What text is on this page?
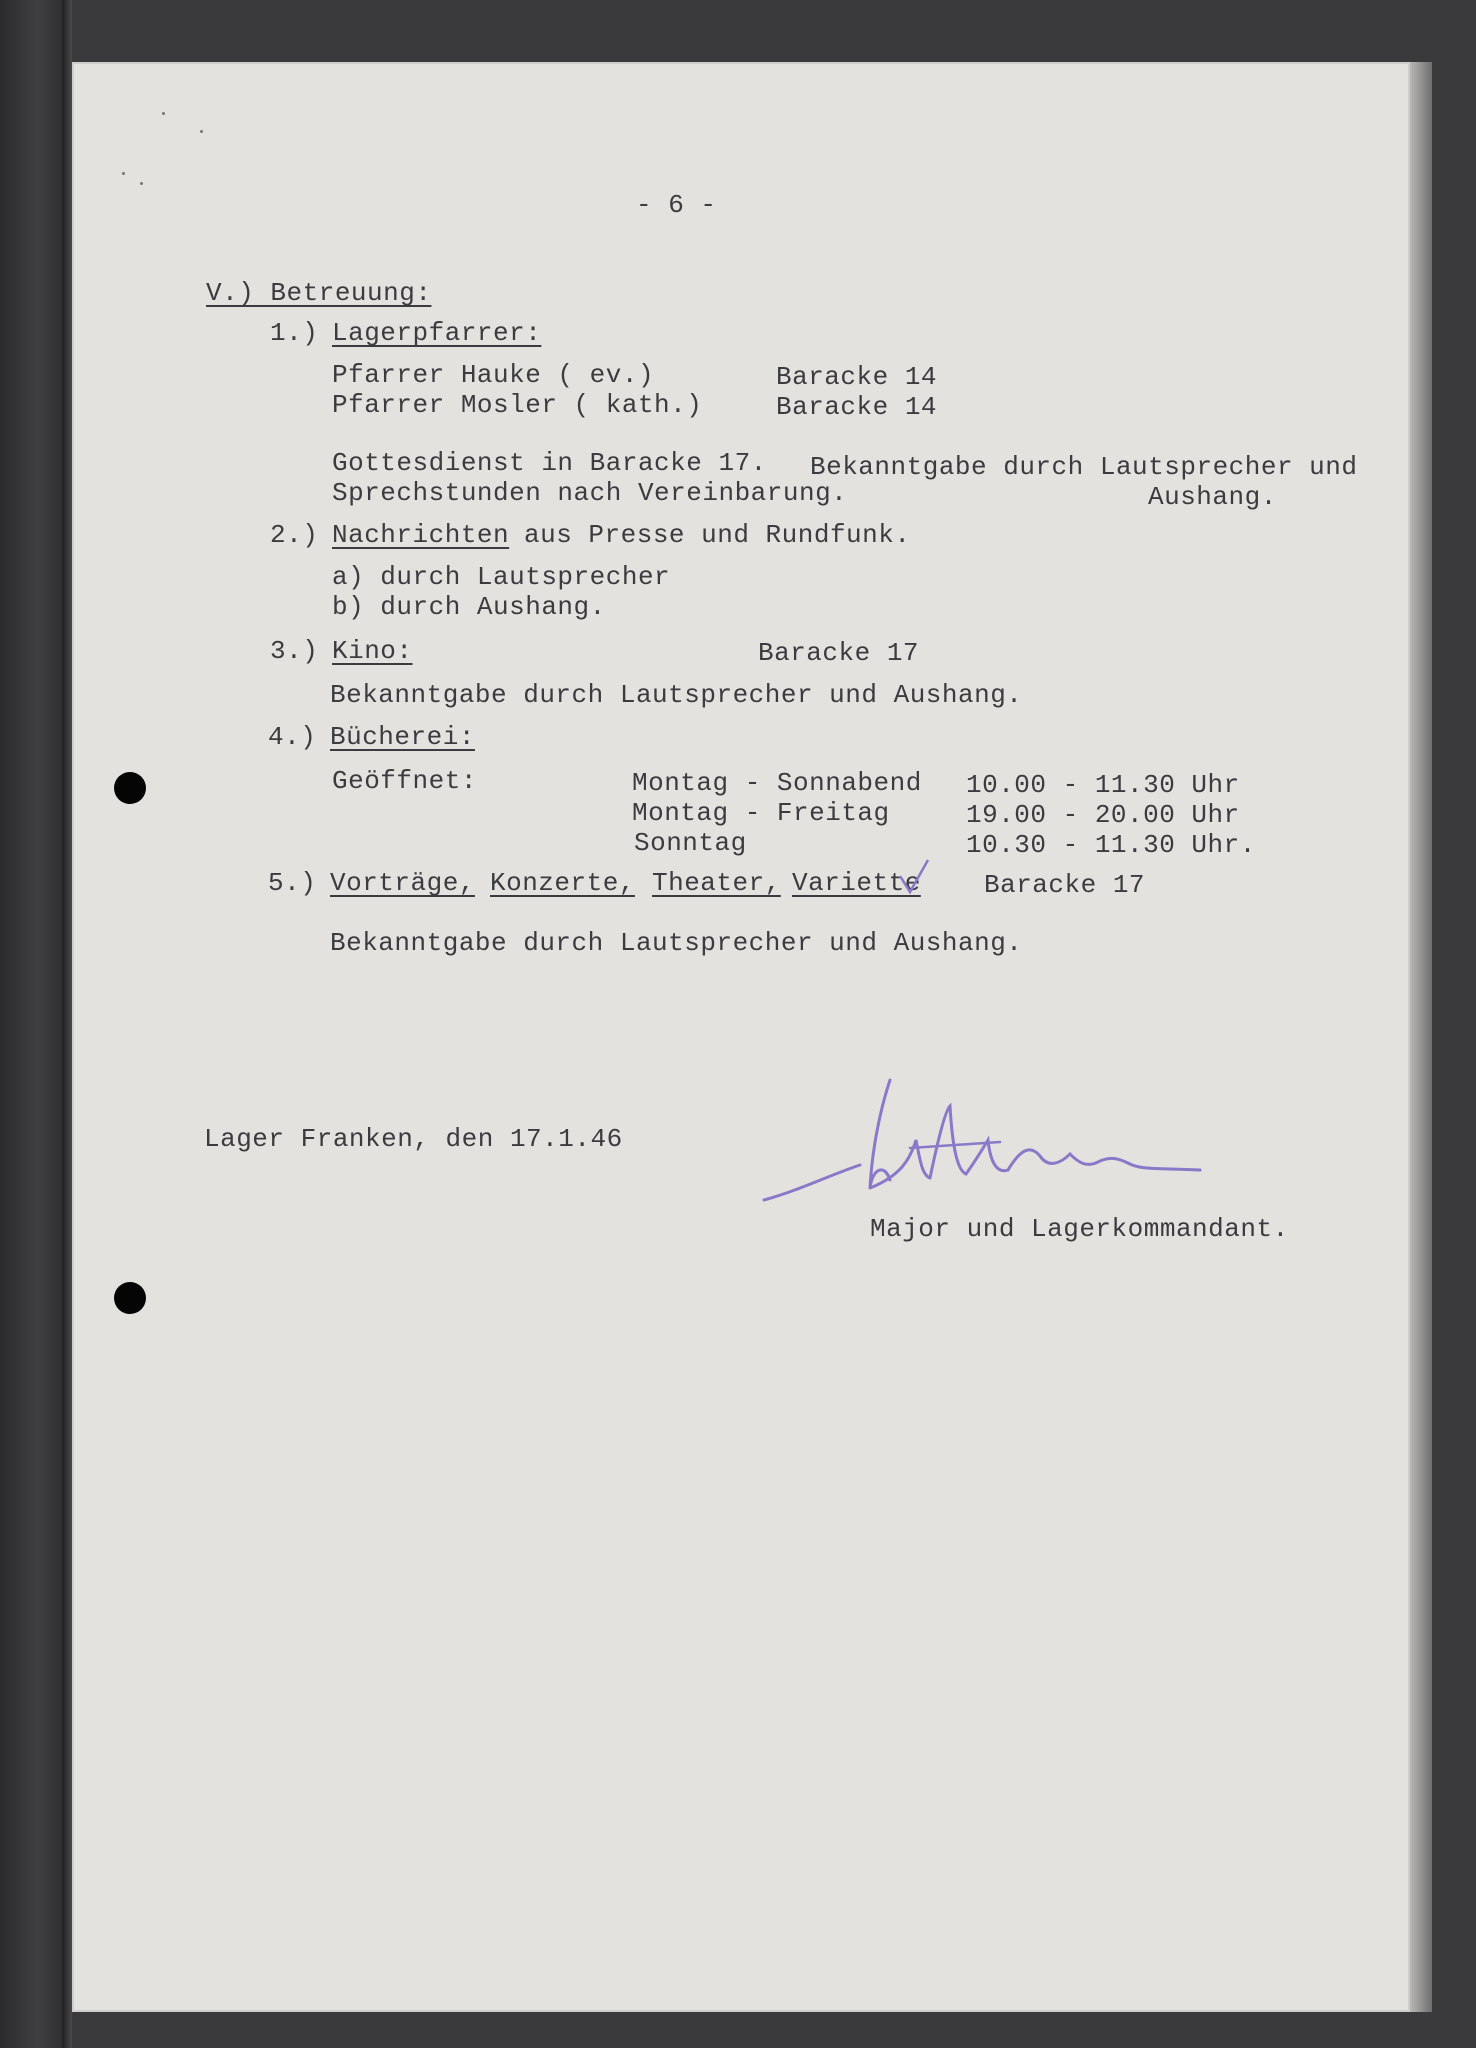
- 6 -

V.) Betreuung:

1.) Lagerpfarrer:

Pfarrer Hauke ( ev.)	Baracke 14

Pfarrer Mosler ( kath.)	Baracke 14

Gottesdienst in Baracke 17. Bekanntgabe durch Lautsprecher und

Sprechstunden nach Vereinbarung.	Aushang.

2.) Nachrichten aus Presse und Rundfunk.

a) durch Lautsprecher

b) durch Aushang.

3.) Kino:	Baracke 17

Bekanntgabe durch Lautsprecher und Aushang.

4.) Bücherei:

Geöffnet:	Montag - Sonnabend 10.00 - 11.30 Uhr

Montag - Freitag	19.00 - 20.00 Uhr

Sonntag	10.30 - 11.30 Uhr.

5.) Vorträge, Konzerte, Theater, Variette Baracke 17

Bekanntgabe durch Lautsprecher und Aushang.

Lager Franken, den 17.1.46

Major und Lagerkommandant.
